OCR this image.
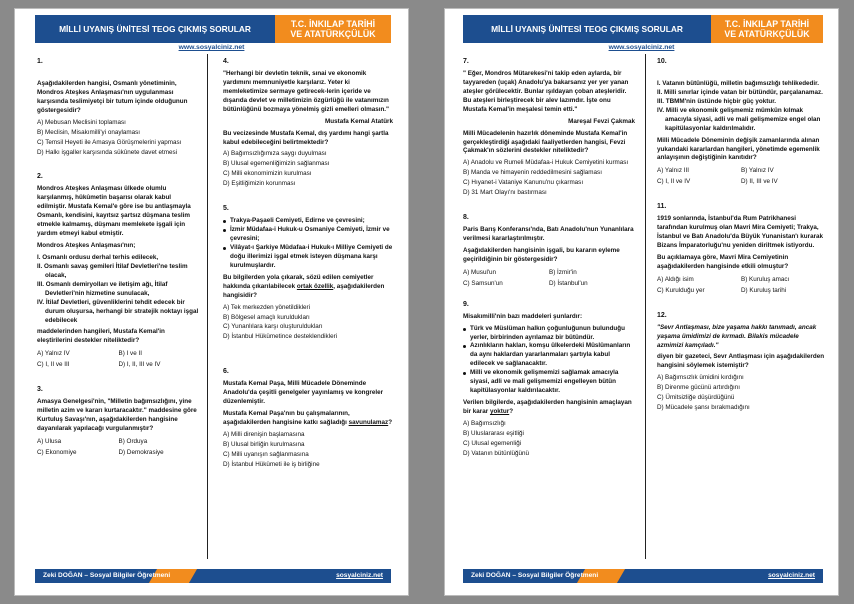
MİLLİ UYANIŞ ÜNİTESİ TEOG ÇIKMIŞ SORULAR	T.C. İNKILAP TARİHİ
VE ATATÜRKÇÜLÜK
www.sosyalciniz.net
1.
Aşağıdakilerden hangisi, Osmanlı yönetiminin, Mondros Ateşkes Anlaşması'nın uygulanması karşısında teslimiyetçi bir tutum içinde olduğunun göstergesidir?
A) Mebusan Meclisini toplaması
B) Meclisin, Misakımilli'yi onaylaması
C) Temsil Heyeti ile Amasya Görüşmelerini yapması
D) Halkı işgaller karşısında sükûnete davet etmesi
2.
Mondros Ateşkes Anlaşması ülkede olumlu karşılanmış, hükûmetin başarısı olarak kabul edilmiştir. Mustafa Kemal'e göre ise bu antlaşmayla Osmanlı, kendisini, kayıtsız şartsız düşmana teslim etmekle kalmamış, düşmanı memlekete işgali için yardım etmeyi kabul etmiştir.
Mondros Ateşkes Anlaşması'nın;
I. Osmanlı ordusu derhal terhis edilecek,
II. Osmanlı savaş gemileri İtilaf Devletleri'ne teslim olacak,
III. Osmanlı demiryolları ve iletişim ağı, İtilaf Devletleri'nin hizmetine sunulacak,
IV. İtilaf Devletleri, güvenliklerini tehdit edecek bir durum oluşursa, herhangi bir stratejik noktayı işgal edebilecek
maddelerinden hangileri, Mustafa Kemal'in eleştirilerini destekler niteliktedir?
A) Yalnız IV	B) I ve II
C) I, II ve III	D) I, II, III ve IV
3.
Amasya Genelgesi'nin, "Milletin bağımsızlığını, yine milletin azim ve kararı kurtaracaktır." maddesine göre Kurtuluş Savaşı'nın, aşağıdakilerden hangisine dayanılarak yapılacağı vurgulanmıştır?
A) Ulusa	B) Orduya
C) Ekonomiye	D) Demokrasiye
4.
"Herhangi bir devletin teknik, sınai ve ekonomik yardımını memnuniyetle karşılarız. Yeter ki memleketimize sermaye getirecek-lerin içeride ve dışarıda devlet ve milletimizin özgürlüğü ile vatanımızın bütünlüğünü bozmaya yönelmiş gizli emelleri olmasın."
Mustafa Kemal Atatürk
Bu vecizesinde Mustafa Kemal, dış yardımı hangi şartla kabul edebileceğini belirtmektedir?
A) Bağımsızlığımıza saygı duyulması
B) Ulusal egemenliğimizin sağlanması
C) Milli ekonomimizin kurulması
D) Eşitliğimizin korunması
5.
Trakya-Paşaeli Cemiyeti, Edirne ve çevresini;
İzmir Müdafaa-i Hukuk-u Osmaniye Cemiyeti, İzmir ve çevresini;
Vilâyat-ı Şarkiye Müdafaa-i Hukuk-ı Milliye Cemiyeti de doğu illerimizi işgal etmek isteyen düşmana karşı kurulmuşlardır.
Bu bilgilerden yola çıkarak, sözü edilen cemiyetler hakkında çıkarılabilecek ortak özellik, aşağıdakilerden hangisidir?
A) Tek merkezden yönetildikleri
B) Bölgesel amaçlı kuruldukları
C) Yunanlılara karşı oluşturuldukları
D) İstanbul Hükümetince desteklendikleri
6.
Mustafa Kemal Paşa, Milli Mücadele Döneminde Anadolu'da çeşitli genelgeler yayınlamış ve kongreler düzenlemiştir.
Mustafa Kemal Paşa'nın bu çalışmalarının, aşağıdakilerden hangisine katkı sağladığı savunulamaz?
A) Milli direnişin başlamasına
B) Ulusal birliğin kurulmasına
C) Milli uyanışın sağlanmasına
D) İstanbul Hükümeti ile iş birliğine
Zeki DOĞAN – Sosyal Bilgiler Öğretmeni	sosyalciniz.net
MİLLİ UYANIŞ ÜNİTESİ TEOG ÇIKMIŞ SORULAR	T.C. İNKILAP TARİHİ
VE ATATÜRKÇÜLÜK
www.sosyalciniz.net
7.
" Eğer, Mondros Mütarekesi'ni takip eden aylarda, bir tayyareden (uçak) Anadolu'ya bakarsanız yer yer yanan ateşler görülecektir. Bunlar ışıldayan çoban ateşleridir. Bu ateşleri birleştirecek bir alev lazımdır. İşte onu Mustafa Kemal'in meşalesi temin etti."
Mareşal Fevzi Çakmak
Milli Mücadelenin hazırlık döneminde Mustafa Kemal'in gerçekleştirdiği aşağıdaki faaliyetlerden hangisi, Fevzi Çakmak'ın sözlerini destekler niteliktedir?
A) Anadolu ve Rumeli Müdafaa-i Hukuk Cemiyetini kurması
B) Manda ve himayenin reddedilmesini sağlaması
C) Hıyanet-i Vataniye Kanunu'nu çıkarması
D) 31 Mart Olayı'nı bastırması
8.
Paris Barış Konferansı'nda, Batı Anadolu'nun Yunanlılara verilmesi kararlaştırılmıştır.
Aşağıdakilerden hangisinin işgali, bu kararın eyleme geçirildiğinin bir göstergesidir?
A) Musul'un	B) İzmir'in
C) Samsun'un	D) İstanbul'un
9.
Misakımilli'nin bazı maddeleri şunlardır:
Türk ve Müslüman halkın çoğunluğunun bulunduğu yerler, birbirinden ayrılamaz bir bütündür.
Azınlıkların hakları, komşu ülkelerdeki Müslümanların da aynı haklardan yararlanmaları şartıyla kabul edilecek ve sağlanacaktır.
Milli ve ekonomik gelişmemizi sağlamak amacıyla siyasi, adli ve mali gelişmemizi engelleyen bütün kapitülasyonlar kaldırılacaktır.
Verilen bilgilerde, aşağıdakilerden hangisinin amaçlayan bir karar yoktur?
A) Bağımsızlığı
B) Uluslararası eşitliği
C) Ulusal egemenliği
D) Vatanın bütünlüğünü
10.
I. Vatanın bütünlüğü, milletin bağımsızlığı tehlikededir.
II. Milli sınırlar içinde vatan bir bütündür, parçalanamaz.
III. TBMM'nin üstünde hiçbir güç yoktur.
IV. Milli ve ekonomik gelişmemiz mümkün kılmak amacıyla siyasi, adli ve mali gelişmemize engel olan kapitülasyonlar kaldırılmalıdır.
Milli Mücadele Döneminin değişik zamanlarında alınan yukarıdaki kararlardan hangileri, yönetimde egemenlik anlayışının değiştiğinin kanıtıdır?
A) Yalnız III	B) Yalnız IV
C) I, II ve IV	D) II, III ve IV
11.
1919 sonlarında, İstanbul'da Rum Patrikhanesi tarafından kurulmuş olan Mavri Mira Cemiyeti; Trakya, İstanbul ve Batı Anadolu'da Büyük Yunanistan'ı kurarak Bizans İmparatorluğu'nu yeniden diriltmek istiyordu.
Bu açıklamaya göre, Mavri Mira Cemiyetinin aşağıdakilerden hangisinde etkili olmuştur?
A) Aldığı isim	B) Kuruluş amacı
C) Kurulduğu yer	D) Kuruluş tarihi
12.
"Sevr Antlaşması, bize yaşama hakkı tanımadı, ancak yaşama ümidimizi de kırmadı. Bilakis mücadele azmimizi kamçıladı."
diyen bir gazeteci, Sevr Antlaşması için aşağıdakilerden hangisini söylemek istemiştir?
A) Bağımsızlık ümidini kırdığını
B) Direnme gücünü artırdığını
C) Ümitsizliğe düşürdüğünü
D) Mücadele şansı bırakmadığını
Zeki DOĞAN – Sosyal Bilgiler Öğretmeni	sosyalciniz.net
